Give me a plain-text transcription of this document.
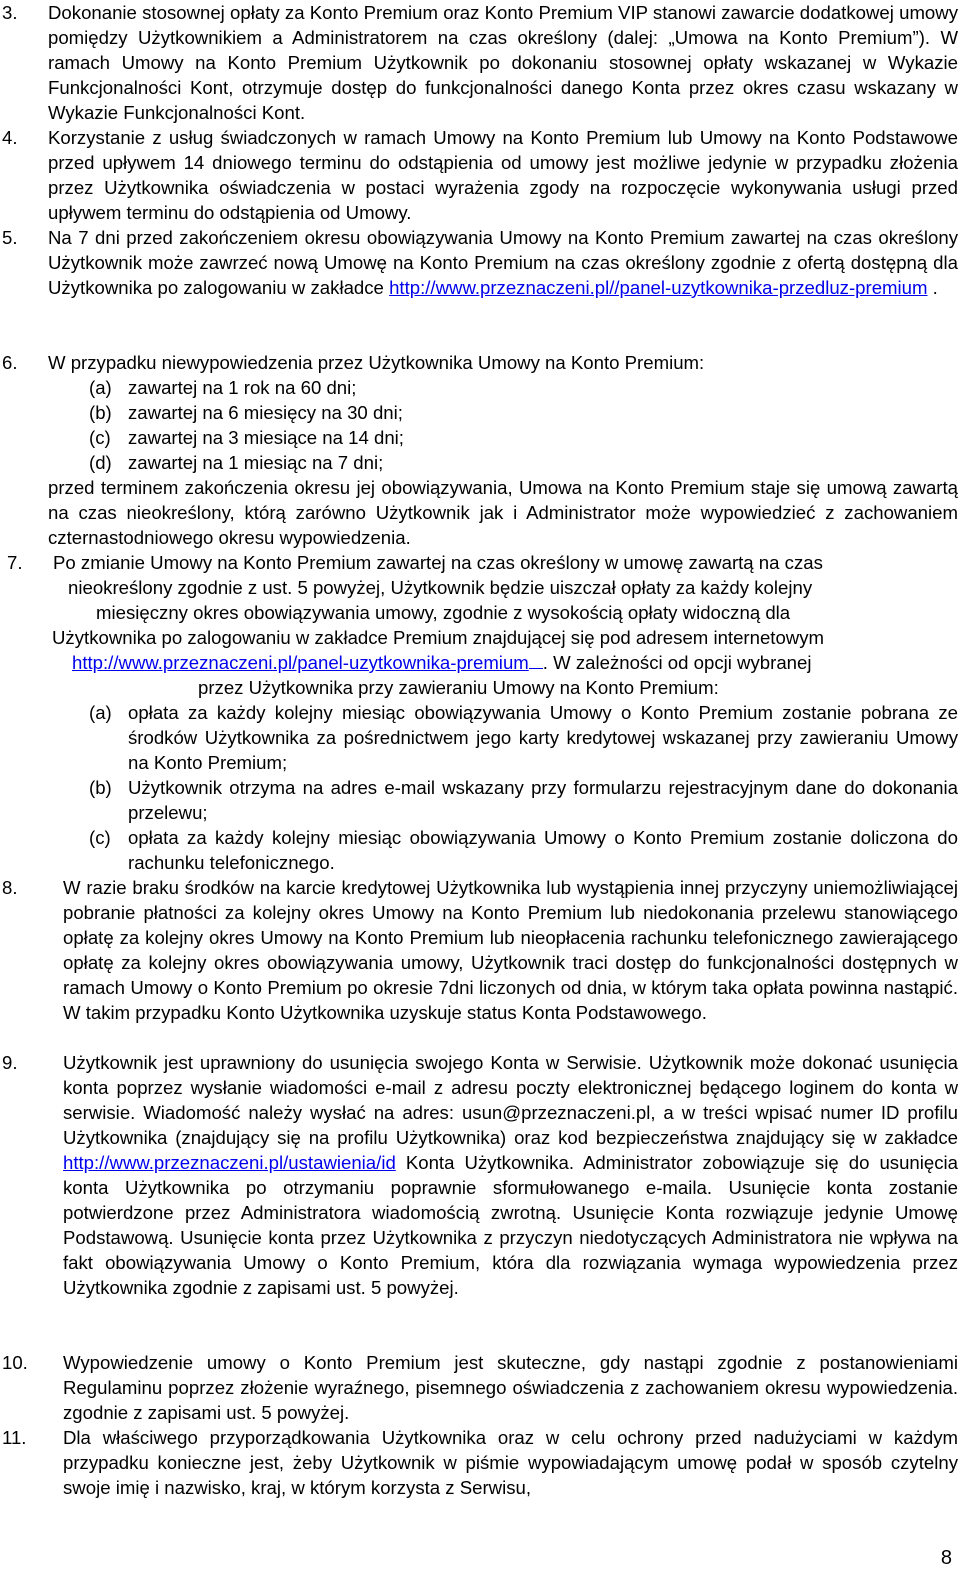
3. Dokonanie stosownej opłaty za Konto Premium oraz Konto Premium VIP stanowi zawarcie dodatkowej umowy pomiędzy Użytkownikiem a Administratorem na czas określony (dalej: „Umowa na Konto Premium”). W ramach Umowy na Konto Premium Użytkownik po dokonaniu stosownej opłaty wskazanej w Wykazie Funkcjonalności Kont, otrzymuje dostęp do funkcjonalności danego Konta przez okres czasu wskazany w Wykazie Funkcjonalności Kont.
4. Korzystanie z usług świadczonych w ramach Umowy na Konto Premium lub Umowy na Konto Podstawowe przed upływem 14 dniowego terminu do odstąpienia od umowy jest możliwe jedynie w przypadku złożenia przez Użytkownika oświadczenia w postaci wyrażenia zgody na rozpoczęcie wykonywania usługi przed upływem terminu do odstąpienia od Umowy.
5. Na 7 dni przed zakończeniem okresu obowiązywania Umowy na Konto Premium zawartej na czas określony Użytkownik może zawrzeć nową Umowę na Konto Premium na czas określony zgodnie z ofertą dostępną dla Użytkownika po zalogowaniu w zakładce http://www.przeznaczeni.pl//panel-uzytkownika-przedluz-premium .
6. W przypadku niewypowiedzenia przez Użytkownika Umowy na Konto Premium:
(a) zawartej na 1 rok na 60 dni;
(b) zawartej na 6 miesięcy na 30 dni;
(c) zawartej na 3 miesiące na 14 dni;
(d) zawartej na 1 miesiąc na 7 dni;
przed terminem zakończenia okresu jej obowiązywania, Umowa na Konto Premium staje się umową zawartą na czas nieokreślony, którą zarówno Użytkownik jak i Administrator może wypowiedzieć z zachowaniem czternastodniowego okresu wypowiedzenia.
7. Po zmianie Umowy na Konto Premium zawartej na czas określony w umowę zawartą na czas
nieokreślony zgodnie z ust. 5 powyżej, Użytkownik będzie uiszczał opłaty za każdy kolejny
miesięczny okres obowiązywania umowy, zgodnie z wysokością opłaty widoczną dla
Użytkownika po zalogowaniu w zakładce Premium znajdującej się pod adresem internetowym
http://www.przeznaczeni.pl/panel-uzytkownika-premium . W zależności od opcji wybranej
przez Użytkownika przy zawieraniu Umowy na Konto Premium:
(a) opłata za każdy kolejny miesiąc obowiązywania Umowy o Konto Premium zostanie pobrana ze środków Użytkownika za pośrednictwem jego karty kredytowej wskazanej przy zawieraniu Umowy na Konto Premium;
(b) Użytkownik otrzyma na adres e-mail wskazany przy formularzu rejestracyjnym dane do dokonania przelewu;
(c) opłata za każdy kolejny miesiąc obowiązywania Umowy o Konto Premium zostanie doliczona do rachunku telefonicznego.
8. W razie braku środków na karcie kredytowej Użytkownika lub wystąpienia innej przyczyny uniemożliwiającej pobranie płatności za kolejny okres Umowy na Konto Premium lub niedokonania przelewu stanowiącego opłatę za kolejny okres Umowy na Konto Premium lub nieopłacenia rachunku telefonicznego zawierającego opłatę za kolejny okres obowiązywania umowy, Użytkownik traci dostęp do funkcjonalności dostępnych w ramach Umowy o Konto Premium po okresie 7dni liczonych od dnia, w którym taka opłata powinna nastąpić. W takim przypadku Konto Użytkownika uzyskuje status Konta Podstawowego.
9. Użytkownik jest uprawniony do usunięcia swojego Konta w Serwisie. Użytkownik może dokonać usunięcia konta poprzez wysłanie wiadomości e-mail z adresu poczty elektronicznej będącego loginem do konta w serwisie. Wiadomość należy wysłać na adres: usun@przeznaczeni.pl, a w treści wpisać numer ID profilu Użytkownika (znajdujący się na profilu Użytkownika) oraz kod bezpieczeństwa znajdujący się w zakładce http://www.przeznaczeni.pl/ustawienia/id Konta Użytkownika. Administrator zobowiązuje się do usunięcia konta Użytkownika po otrzymaniu poprawnie sformułowanego e-maila. Usunięcie konta zostanie potwierdzone przez Administratora wiadomością zwrotną. Usunięcie Konta rozwiązuje jedynie Umowę Podstawową. Usunięcie konta przez Użytkownika z przyczyn niedotyczących Administratora nie wpływa na fakt obowiązywania Umowy o Konto Premium, która dla rozwiązania wymaga wypowiedzenia przez Użytkownika zgodnie z zapisami ust. 5 powyżej.
10. Wypowiedzenie umowy o Konto Premium jest skuteczne, gdy nastąpi zgodnie z postanowieniami Regulaminu poprzez złożenie wyraźnego, pisemnego oświadczenia z zachowaniem okresu wypowiedzenia. zgodnie z zapisami ust. 5 powyżej.
11. Dla właściwego przyporządkowania Użytkownika oraz w celu ochrony przed nadużyciami w każdym przypadku konieczne jest, żeby Użytkownik w piśmie wypowiadającym umowę podał w sposób czytelny swoje imię i nazwisko, kraj, w którym korzysta z Serwisu,
8
